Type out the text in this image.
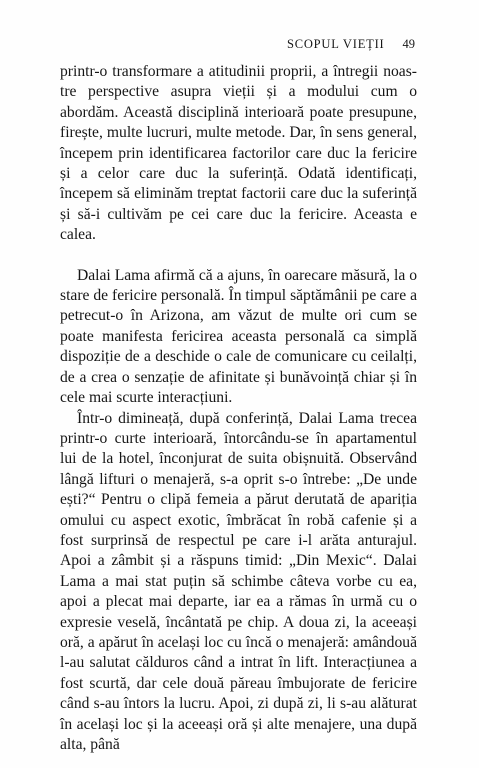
SCOPUL VIEȚII 49

printr-o transformare a atitudinii proprii, a întregii noastre perspective asupra vieții și a modului cum o abordăm. Această disciplină interioară poate presupune, firește, multe lucruri, multe metode. Dar, în sens general, începem prin identificarea factorilor care duc la fericire și a celor care duc la suferință. Odată identificați, începem să eliminăm treptat factorii care duc la suferință și să-i cultivăm pe cei care duc la fericire. Aceasta e calea.

Dalai Lama afirmă că a ajuns, în oarecare măsură, la o stare de fericire personală. În timpul săptămânii pe care a petrecut-o în Arizona, am văzut de multe ori cum se poate manifesta fericirea aceasta personală ca simplă dispoziție de a deschide o cale de comunicare cu ceilalți, de a crea o senzație de afinitate și bunăvoință chiar și în cele mai scurte interacțiuni.

Într-o dimineață, după conferință, Dalai Lama trecea printr-o curte interioară, întorcându-se în apartamentul lui de la hotel, înconjurat de suita obișnuită. Observând lângă lifturi o menajeră, s-a oprit s-o întrebe: „De unde ești?“ Pentru o clipă femeia a părut derutată de apariția omului cu aspect exotic, îmbrăcat în robă cafenie și a fost surprinsă de respectul pe care i-l arăta anturajul. Apoi a zâmbit și a răspuns timid: „Din Mexic“. Dalai Lama a mai stat puțin să schimbe câteva vorbe cu ea, apoi a plecat mai departe, iar ea a rămas în urmă cu o expresie veselă, încântată pe chip. A doua zi, la aceeași oră, a apărut în același loc cu încă o menajeră: amândouă l-au salutat călduros când a intrat în lift. Interacțiunea a fost scurtă, dar cele două păreau îmbujorate de fericire când s-au întors la lucru. Apoi, zi după zi, li s-au alăturat în același loc și la aceeași oră și alte menajere, una după alta, până
